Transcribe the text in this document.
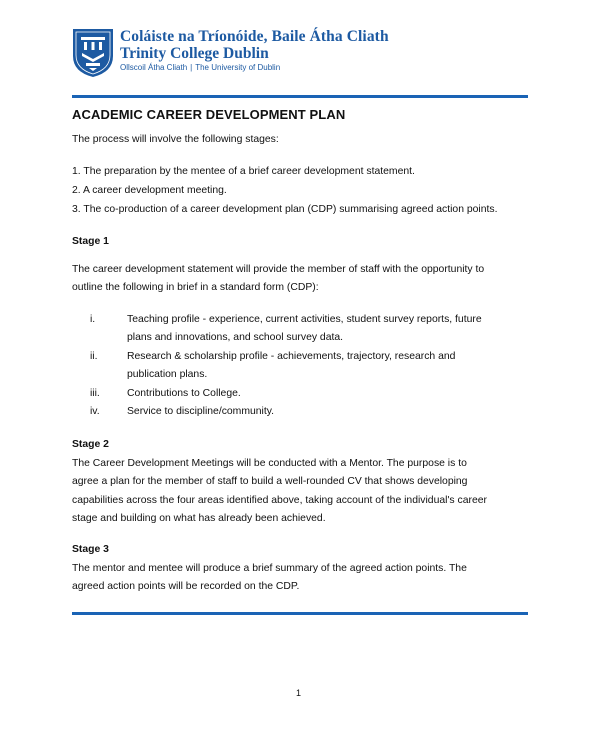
Coláiste na Tríonóide, Baile Átha Cliath
Trinity College Dublin
Ollscoil Átha Cliath | The University of Dublin
ACADEMIC CAREER DEVELOPMENT PLAN
The process will involve the following stages:
1. The preparation by the mentee of a brief career development statement.
2. A career development meeting.
3. The co-production of a career development plan (CDP) summarising agreed action points.
Stage 1
The career development statement will provide the member of staff with the opportunity to
outline the following in brief in a standard form (CDP):
i.	Teaching profile - experience, current activities, student survey reports, future
plans and innovations, and school survey data.
ii.	Research & scholarship profile - achievements, trajectory, research and
publication plans.
iii.	Contributions to College.
iv.	Service to discipline/community.
Stage 2
The Career Development Meetings will be conducted with a Mentor. The purpose is to
agree a plan for the member of staff to build a well-rounded CV that shows developing
capabilities across the four areas identified above, taking account of the individual's career
stage and building on what has already been achieved.
Stage 3
The mentor and mentee will produce a brief summary of the agreed action points. The
agreed action points will be recorded on the CDP.
1
